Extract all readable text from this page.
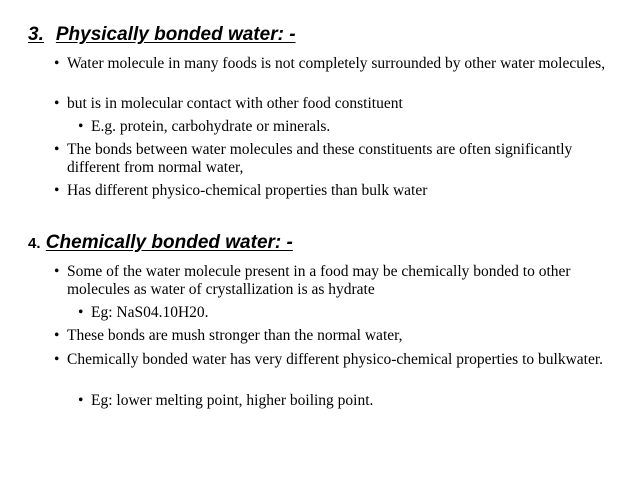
3. Physically bonded water: -
• Water molecule in many foods is not completely surrounded by other water molecules,
• but is in molecular contact with other food constituent
• E.g. protein, carbohydrate or minerals.
• The bonds between water molecules and these constituents are often significantly different from normal water,
• Has different physico-chemical properties than bulk water
4. Chemically bonded water: -
• Some of the water molecule present in a food may be chemically bonded to other molecules as water of crystallization is as hydrate
• Eg: NaS04.10H20.
• These bonds are mush stronger than the normal water,
• Chemically bonded water has very different physico-chemical properties to bulkwater.
• Eg: lower melting point, higher boiling point.
